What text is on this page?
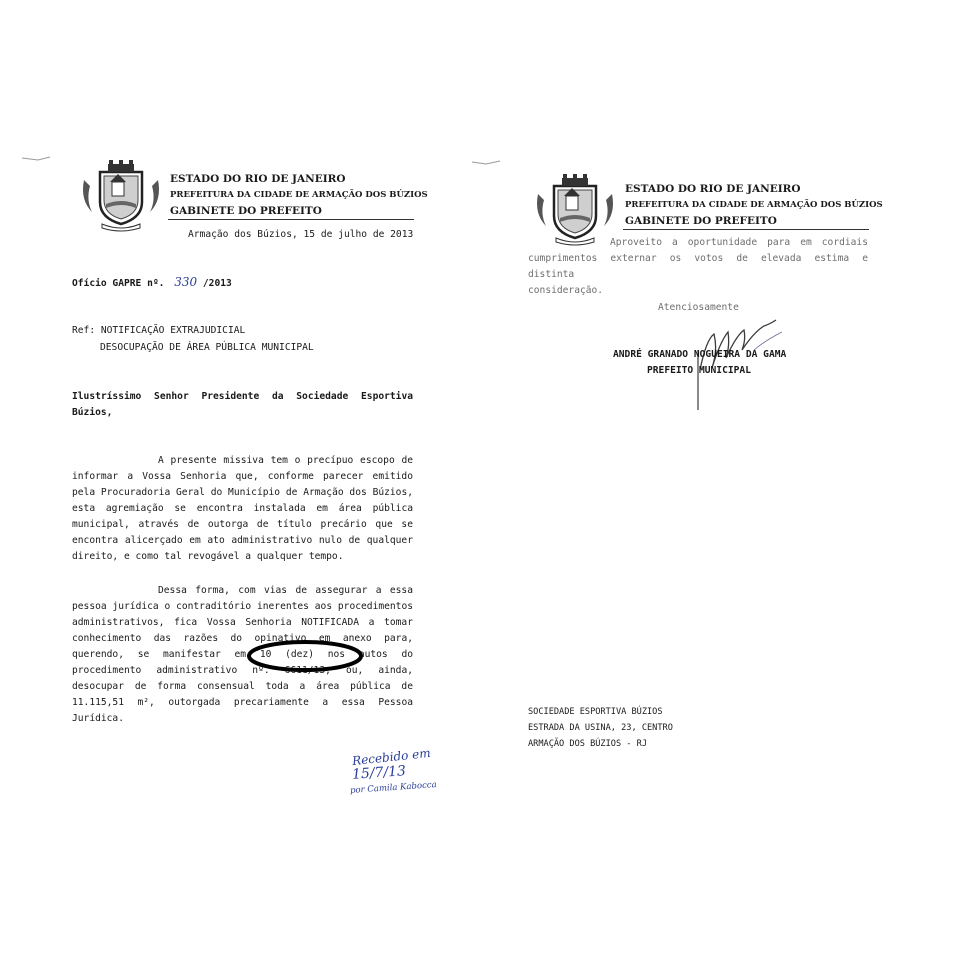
ESTADO DO RIO DE JANEIRO
PREFEITURA DA CIDADE DE ARMAÇÃO DOS BÚZIOS
GABINETE DO PREFEITO
Armação dos Búzios, 15 de julho de 2013
Ofício GAPRE nº. 330 /2013
Ref: NOTIFICAÇÃO EXTRAJUDICIAL
DESOCUPAÇÃO DE ÁREA PÚBLICA MUNICIPAL
Ilustríssimo Senhor Presidente da Sociedade Esportiva
Búzios,
A presente missiva tem o precípuo escopo de
informar a Vossa Senhoria que, conforme parecer emitido
pela Procuradoria Geral do Município de Armação dos Búzios,
esta agremiação se encontra instalada em área pública
municipal, através de outorga de título precário que se
encontra alicerçado em ato administrativo nulo de qualquer
direito, e como tal revogável a qualquer tempo.
Dessa forma, com vias de assegurar a essa
pessoa jurídica o contraditório inerentes aos procedimentos
administrativos, fica Vossa Senhoria NOTIFICADA a tomar
conhecimento das razões do opinativo em anexo para,
querendo, se manifestar em 10 (dez) nos autos do
procedimento administrativo nº. 6611/13, ou, ainda,
desocupar de forma consensual toda a área pública de
11.115,51 m², outorgada precariamente a essa Pessoa
Jurídica.
Recebido em
15/7/13
por Camila Kabocca
ESTADO DO RIO DE JANEIRO
PREFEITURA DA CIDADE DE ARMAÇÃO DOS BÚZIOS
GABINETE DO PREFEITO
Aproveito a oportunidade para em cordiais
cumprimentos externar os votos de elevada estima e distinta
consideração.
Atenciosamente
ANDRÉ GRANADO NOGUEIRA DA GAMA
PREFEITO MUNICIPAL
SOCIEDADE ESPORTIVA BÚZIOS
ESTRADA DA USINA, 23, CENTRO
ARMAÇÃO DOS BÚZIOS - RJ
